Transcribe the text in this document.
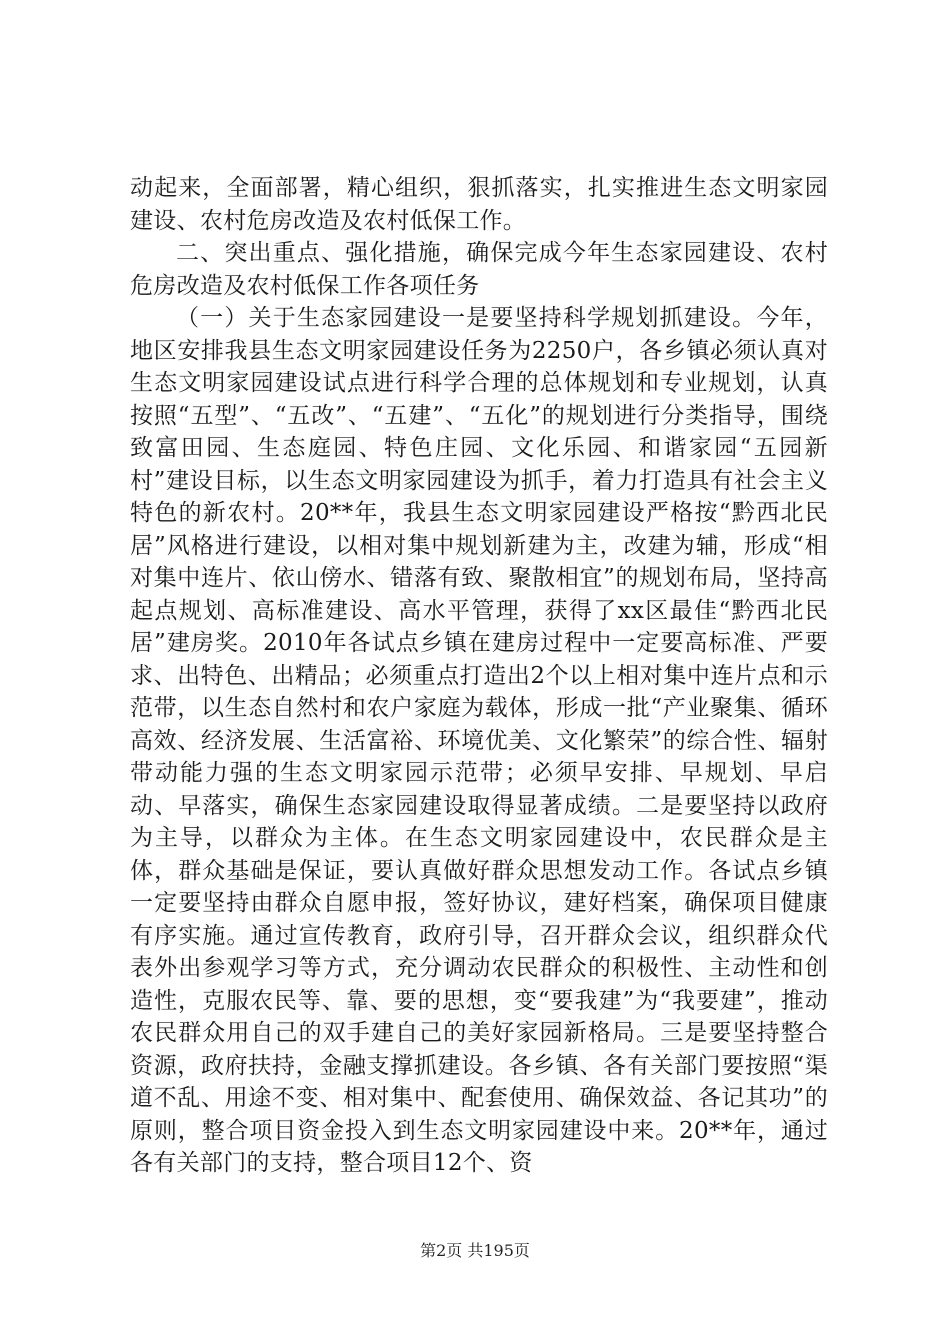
动起来，全面部署，精心组织，狠抓落实，扎实推进生态文明家园建设、农村危房改造及农村低保工作。

二、突出重点、强化措施，确保完成今年生态家园建设、农村危房改造及农村低保工作各项任务

（一）关于生态家园建设一是要坚持科学规划抓建设。今年，地区安排我县生态文明家园建设任务为2250户，各乡镇必须认真对生态文明家园建设试点进行科学合理的总体规划和专业规划，认真按照“五型”、“五改”、“五建”、“五化”的规划进行分类指导，围绕致富田园、生态庭园、特色庄园、文化乐园、和谐家园“五园新村”建设目标，以生态文明家园建设为抓手，着力打造具有社会主义特色的新农村。20**年，我县生态文明家园建设严格按“黔西北民居”风格进行建设，以相对集中规划新建为主，改建为辅，形成“相对集中连片、依山傍水、错落有致、聚散相宜”的规划布局，坚持高起点规划、高标准建设、高水平管理，获得了xx区最佳“黔西北民居”建房奖。2010年各试点乡镇在建房过程中一定要高标准、严要求、出特色、出精品；必须重点打造出2个以上相对集中连片点和示范带，以生态自然村和农户家庭为载体，形成一批“产业聚集、循环高效、经济发展、生活富裕、环境优美、文化繁荣”的综合性、辐射带动能力强的生态文明家园示范带；必须早安排、早规划、早启动、早落实，确保生态家园建设取得显著成绩。二是要坚持以政府为主导，以群众为主体。在生态文明家园建设中，农民群众是主体，群众基础是保证，要认真做好群众思想发动工作。各试点乡镇一定要坚持由群众自愿申报，签好协议，建好档案，确保项目健康有序实施。通过宣传教育，政府引导，召开群众会议，组织群众代表外出参观学习等方式，充分调动农民群众的积极性、主动性和创造性，克服农民等、靠、要的思想，变“要我建”为“我要建”，推动农民群众用自己的双手建自己的美好家园新格局。三是要坚持整合资源，政府扶持，金融支撑抓建设。各乡镇、各有关部门要按照“渠道不乱、用途不变、相对集中、配套使用、确保效益、各记其功”的原则，整合项目资金投入到生态文明家园建设中来。20**年，通过各有关部门的支持，整合项目12个、资

第2页 共195页
